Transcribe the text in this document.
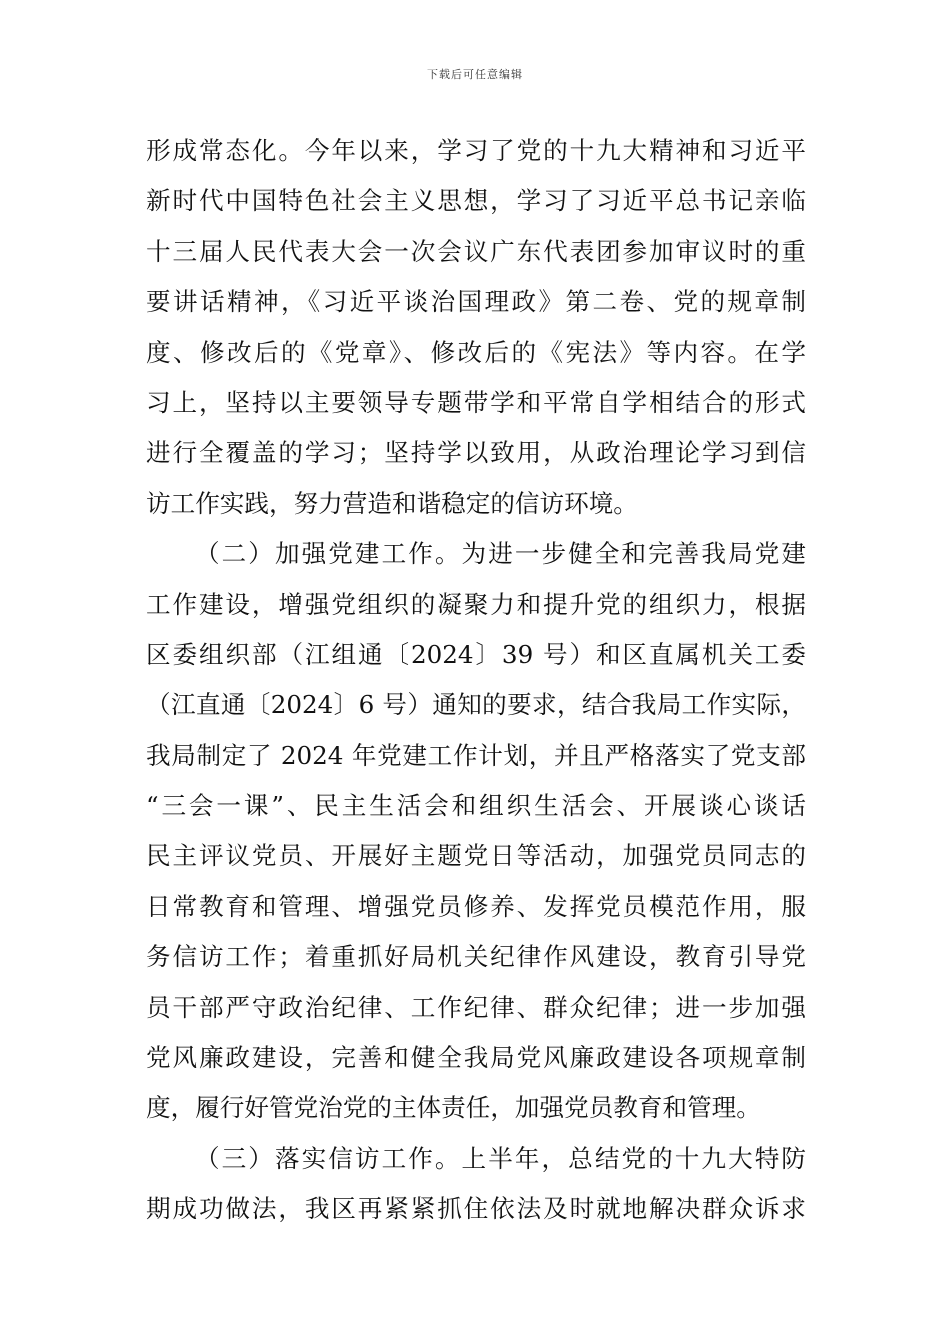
下载后可任意编辑
形成常态化。今年以来，学习了党的十九大精神和习近平
新时代中国特色社会主义思想，学习了习近平总书记亲临
十三届人民代表大会一次会议广东代表团参加审议时的重
要讲话精神，《习近平谈治国理政》第二卷、党的规章制
度、修改后的《党章》、修改后的《宪法》等内容。在学
习上，坚持以主要领导专题带学和平常自学相结合的形式
进行全覆盖的学习；坚持学以致用，从政治理论学习到信
访工作实践，努力营造和谐稳定的信访环境。
（二）加强党建工作。为进一步健全和完善我局党建
工作建设，增强党组织的凝聚力和提升党的组织力，根据
区委组织部（江组通〔2024〕39 号）和区直属机关工委
（江直通〔2024〕6 号）通知的要求，结合我局工作实际，
我局制定了 2024 年党建工作计划，并且严格落实了党支部
“三会一课”、民主生活会和组织生活会、开展谈心谈话
民主评议党员、开展好主题党日等活动，加强党员同志的
日常教育和管理、增强党员修养、发挥党员模范作用，服
务信访工作；着重抓好局机关纪律作风建设，教育引导党
员干部严守政治纪律、工作纪律、群众纪律；进一步加强
党风廉政建设，完善和健全我局党风廉政建设各项规章制
度，履行好管党治党的主体责任，加强党员教育和管理。
（三）落实信访工作。上半年，总结党的十九大特防
期成功做法，我区再紧紧抓住依法及时就地解决群众诉求
